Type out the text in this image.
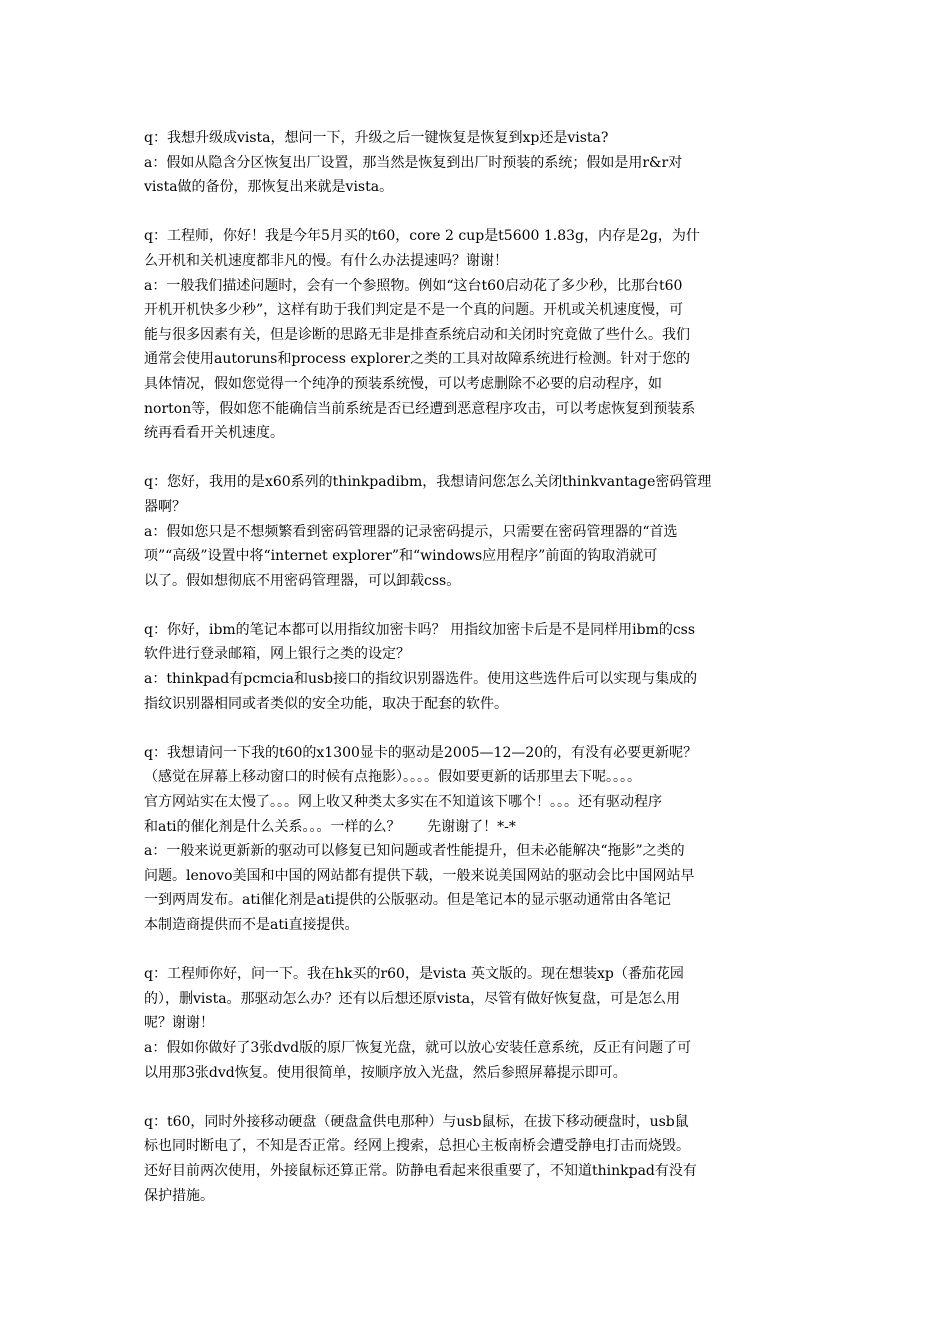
q：我想升级成vista，想问一下，升级之后一键恢复是恢复到xp还是vista?
a：假如从隐含分区恢复出厂设置，那当然是恢复到出厂时预装的系统；假如是用r&r对
vista做的备份，那恢复出来就是vista。
q：工程师，你好！我是今年5月买的t60，core 2 cup是t5600 1.83g，内存是2g，为什
么开机和关机速度都非凡的慢。有什么办法提速吗？谢谢！
a：一般我们描述问题时，会有一个参照物。例如“这台t60启动花了多少秒，比那台t60
开机开机快多少秒”，这样有助于我们判定是不是一个真的问题。开机或关机速度慢，可
能与很多因素有关，但是诊断的思路无非是排查系统启动和关闭时究竟做了些什么。我们
通常会使用autoruns和process explorer之类的工具对故障系统进行检测。针对于您的
具体情况，假如您觉得一个纯净的预装系统慢，可以考虑删除不必要的启动程序，如
norton等，假如您不能确信当前系统是否已经遭到恶意程序攻击，可以考虑恢复到预装系
统再看看开关机速度。
q：您好，我用的是x60系列的thinkpadibm，我想请问您怎么关闭thinkvantage密码管理
器啊？
a：假如您只是不想频繁看到密码管理器的记录密码提示，只需要在密码管理器的“首选
项”“高级”设置中将“internet explorer”和“windows应用程序”前面的钩取消就可
以了。假如想彻底不用密码管理器，可以卸载css。
q：你好，ibm的笔记本都可以用指纹加密卡吗？ 用指纹加密卡后是不是同样用ibm的css
软件进行登录邮箱，网上银行之类的设定？
a：thinkpad有pcmcia和usb接口的指纹识别器选件。使用这些选件后可以实现与集成的
指纹识别器相同或者类似的安全功能，取决于配套的软件。
q：我想请问一下我的t60的x1300显卡的驱动是2005—12—20的，有没有必要更新呢？
（感觉在屏幕上移动窗口的时候有点拖影）。。。。假如要更新的话那里去下呢。。。。
官方网站实在太慢了。。。网上收又种类太多实在不知道该下哪个！。。。还有驱动程序
和ati的催化剂是什么关系。。。一样的么？      先谢谢了！*-*
a：一般来说更新新的驱动可以修复已知问题或者性能提升，但未必能解决“拖影”之类的
问题。lenovo美国和中国的网站都有提供下载，一般来说美国网站的驱动会比中国网站早
一到两周发布。ati催化剂是ati提供的公版驱动。但是笔记本的显示驱动通常由各笔记
本制造商提供而不是ati直接提供。
q：工程师你好，问一下。我在hk买的r60，是vista 英文版的。现在想装xp（番茄花园
的），删vista。那驱动怎么办？还有以后想还原vista，尽管有做好恢复盘，可是怎么用
呢？谢谢！
a：假如你做好了3张dvd版的原厂恢复光盘，就可以放心安装任意系统，反正有问题了可
以用那3张dvd恢复。使用很简单，按顺序放入光盘，然后参照屏幕提示即可。
q：t60，同时外接移动硬盘（硬盘盒供电那种）与usb鼠标，在拔下移动硬盘时，usb鼠
标也同时断电了，不知是否正常。经网上搜索，总担心主板南桥会遭受静电打击而烧毁。
还好目前两次使用，外接鼠标还算正常。防静电看起来很重要了，不知道thinkpad有没有
保护措施。
